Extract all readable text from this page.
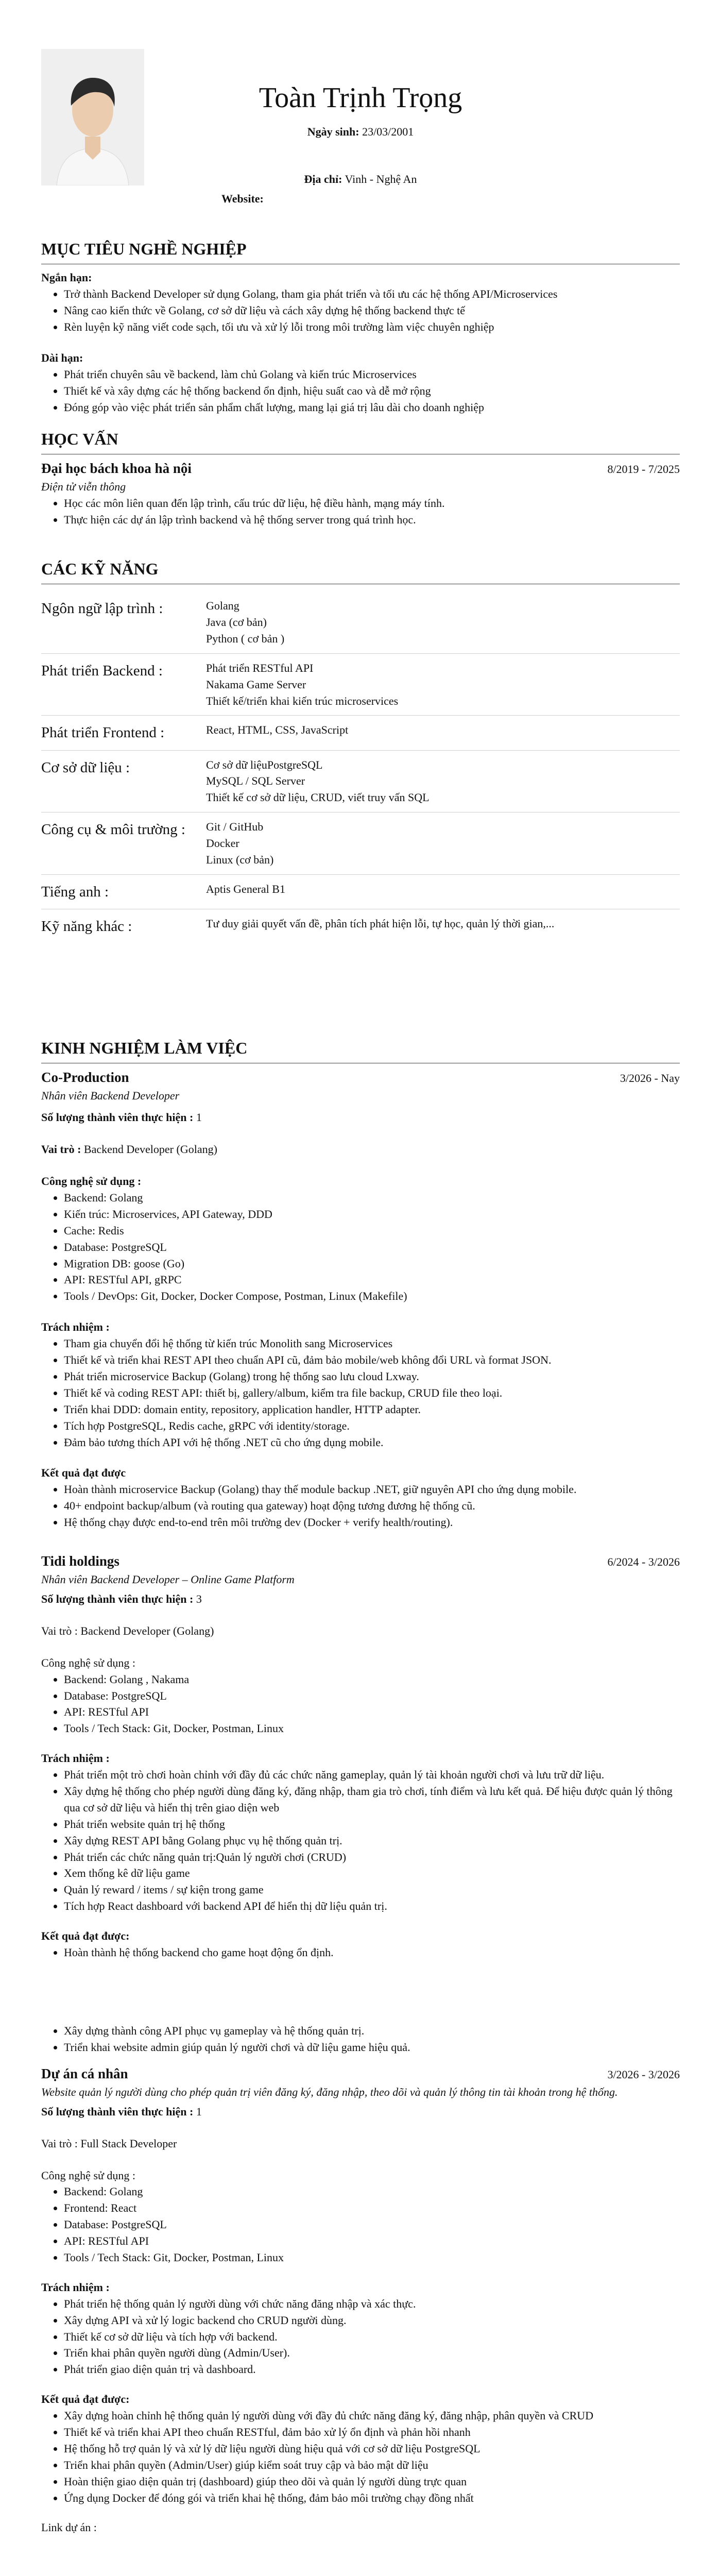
Toàn Trịnh Trọng
Ngày sinh: 23/03/2001
Địa chỉ: Vinh - Nghệ An
Website:
MỤC TIÊU NGHỀ NGHIỆP
Ngắn hạn:
• Trở thành Backend Developer sử dụng Golang, tham gia phát triển và tối ưu các hệ thống API/Microservices
• Nâng cao kiến thức về Golang, cơ sở dữ liệu và cách xây dựng hệ thống backend thực tế
• Rèn luyện kỹ năng viết code sạch, tối ưu và xử lý lỗi trong môi trường làm việc chuyên nghiệp
Dài hạn:
• Phát triển chuyên sâu về backend, làm chủ Golang và kiến trúc Microservices
• Thiết kế và xây dựng các hệ thống backend ổn định, hiệu suất cao và dễ mở rộng
• Đóng góp vào việc phát triển sản phẩm chất lượng, mang lại giá trị lâu dài cho doanh nghiệp
HỌC VẤN
Đại học bách khoa hà nội	8/2019 - 7/2025
Điện tử viễn thông
• Học các môn liên quan đến lập trình, cấu trúc dữ liệu, hệ điều hành, mạng máy tính.
• Thực hiện các dự án lập trình backend và hệ thống server trong quá trình học.
CÁC KỸ NĂNG
Ngôn ngữ lập trình :	Golang
Java (cơ bản)
Python ( cơ bản )
Phát triển Backend :	Phát triển RESTful API
Nakama Game Server
Thiết kế/triển khai kiến trúc microservices
Phát triển Frontend :	React, HTML, CSS, JavaScript
Cơ sở dữ liệu :	Cơ sở dữ liệuPostgreSQL
MySQL / SQL Server
Thiết kế cơ sở dữ liệu, CRUD, viết truy vấn SQL
Công cụ & môi trường :	Git / GitHub
Docker
Linux (cơ bản)
Tiếng anh :	Aptis General B1
Kỹ năng khác :	Tư duy giải quyết vấn đề, phân tích phát hiện lỗi, tự học, quản lý thời gian,...
KINH NGHIỆM LÀM VIỆC
Co-Production	3/2026 - Nay
Nhân viên Backend Developer
Số lượng thành viên thực hiện : 1
Vai trò : Backend Developer (Golang)
Công nghệ sử dụng :
• Backend: Golang
• Kiến trúc: Microservices, API Gateway, DDD
• Cache: Redis
• Database: PostgreSQL
• Migration DB: goose (Go)
• API: RESTful API, gRPC
• Tools / DevOps: Git, Docker, Docker Compose, Postman, Linux (Makefile)
Trách nhiệm :
• Tham gia chuyển đổi hệ thống từ kiến trúc Monolith sang Microservices
• Thiết kế và triển khai REST API theo chuẩn API cũ, đảm bảo mobile/web không đổi URL và format JSON.
• Phát triển microservice Backup (Golang) trong hệ thống sao lưu cloud Lxway.
• Thiết kế và coding REST API: thiết bị, gallery/album, kiểm tra file backup, CRUD file theo loại.
• Triển khai DDD: domain entity, repository, application handler, HTTP adapter.
• Tích hợp PostgreSQL, Redis cache, gRPC với identity/storage.
• Đảm bảo tương thích API với hệ thống .NET cũ cho ứng dụng mobile.
Kết quả đạt được
• Hoàn thành microservice Backup (Golang) thay thế module backup .NET, giữ nguyên API cho ứng dụng mobile.
• 40+ endpoint backup/album (và routing qua gateway) hoạt động tương đương hệ thống cũ.
• Hệ thống chạy được end-to-end trên môi trường dev (Docker + verify health/routing).
Tidi holdings	6/2024 - 3/2026
Nhân viên Backend Developer – Online Game Platform
Số lượng thành viên thực hiện : 3
Vai trò : Backend Developer (Golang)
Công nghệ sử dụng :
• Backend: Golang , Nakama
• Database: PostgreSQL
• API: RESTful API
• Tools / Tech Stack: Git, Docker, Postman, Linux
Trách nhiệm :
• Phát triển một trò chơi hoàn chỉnh với đầy đủ các chức năng gameplay, quản lý tài khoản người chơi và lưu trữ dữ liệu.
• Xây dựng hệ thống cho phép người dùng đăng ký, đăng nhập, tham gia trò chơi, tính điểm và lưu kết quả. Để hiệu được quản lý thông qua cơ sở dữ liệu và hiển thị trên giao diện web
• Phát triển website quản trị hệ thống
• Xây dựng REST API bằng Golang phục vụ hệ thống quản trị.
• Phát triển các chức năng quản trị:Quản lý người chơi (CRUD)
• Xem thống kê dữ liệu game
• Quản lý reward / items / sự kiện trong game
• Tích hợp React dashboard với backend API để hiển thị dữ liệu quản trị.
Kết quả đạt được:
• Hoàn thành hệ thống backend cho game hoạt động ổn định.
• Xây dựng thành công API phục vụ gameplay và hệ thống quản trị.
• Triển khai website admin giúp quản lý người chơi và dữ liệu game hiệu quả.
Dự án cá nhân	3/2026 - 3/2026
Website quản lý người dùng cho phép quản trị viên đăng ký, đăng nhập, theo dõi và quản lý thông tin tài khoản trong hệ thống.
Số lượng thành viên thực hiện : 1
Vai trò : Full Stack Developer
Công nghệ sử dụng :
• Backend: Golang
• Frontend: React
• Database: PostgreSQL
• API: RESTful API
• Tools / Tech Stack: Git, Docker, Postman, Linux
Trách nhiệm :
• Phát triển hệ thống quản lý người dùng với chức năng đăng nhập và xác thực.
• Xây dựng API và xử lý logic backend cho CRUD người dùng.
• Thiết kế cơ sở dữ liệu và tích hợp với backend.
• Triển khai phân quyền người dùng (Admin/User).
• Phát triển giao diện quản trị và dashboard.
Kết quả đạt được:
• Xây dựng hoàn chỉnh hệ thống quản lý người dùng với đầy đủ chức năng đăng ký, đăng nhập, phân quyền và CRUD
• Thiết kế và triển khai API theo chuẩn RESTful, đảm bảo xử lý ổn định và phản hồi nhanh
• Hệ thống hỗ trợ quản lý và xử lý dữ liệu người dùng hiệu quả với cơ sở dữ liệu PostgreSQL
• Triển khai phân quyền (Admin/User) giúp kiểm soát truy cập và bảo mật dữ liệu
• Hoàn thiện giao diện quản trị (dashboard) giúp theo dõi và quản lý người dùng trực quan
• Ứng dụng Docker để đóng gói và triển khai hệ thống, đảm bảo môi trường chạy đồng nhất
Link dự án :
